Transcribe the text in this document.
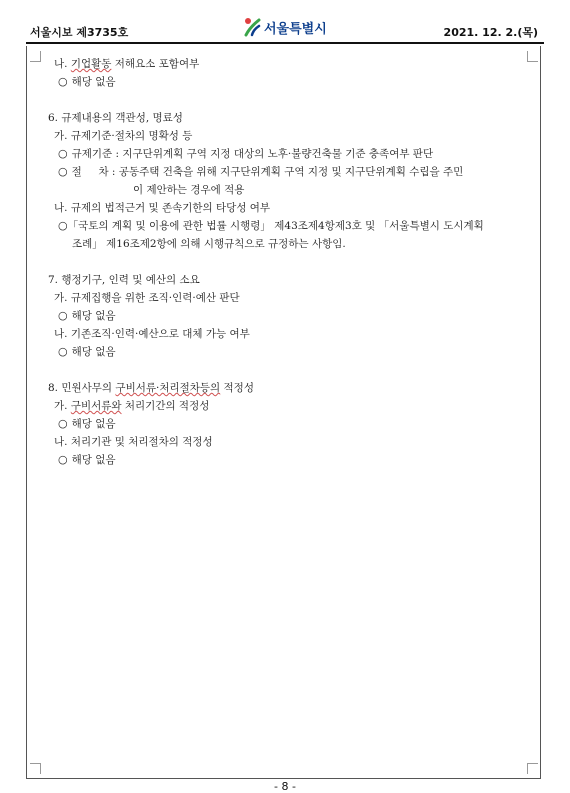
서울시보 제3735호	서울특별시	2021. 12. 2.(목)
나. 기업활동 저해요소 포함여부
○ 해당 없음
6. 규제내용의 객관성, 명료성
가. 규제기준·절차의 명확성 등
○ 규제기준 : 지구단위계획 구역 지정 대상의 노후·불량건축물 기준 충족여부 판단
○ 절     차 : 공동주택 건축을 위해 지구단위계획 구역 지정 및 지구단위계획 수립을 주민
이 제안하는 경우에 적용
나. 규제의 법적근거 및 존속기한의 타당성 여부
○「국토의 계획 및 이용에 관한 법률 시행령」 제43조제4항제3호 및 「서울특별시 도시계획
조례」 제16조제2항에 의해 시행규칙으로 규정하는 사항임.
7. 행정기구, 인력 및 예산의 소요
가. 규제집행을 위한 조직·인력·예산 판단
○ 해당 없음
나. 기존조직·인력·예산으로 대체 가능 여부
○ 해당 없음
8. 민원사무의 구비서류·처리절차등의 적정성
가. 구비서류와 처리기간의 적정성
○ 해당 없음
나. 처리기관 및 처리절차의 적정성
○ 해당 없음
- 8 -
